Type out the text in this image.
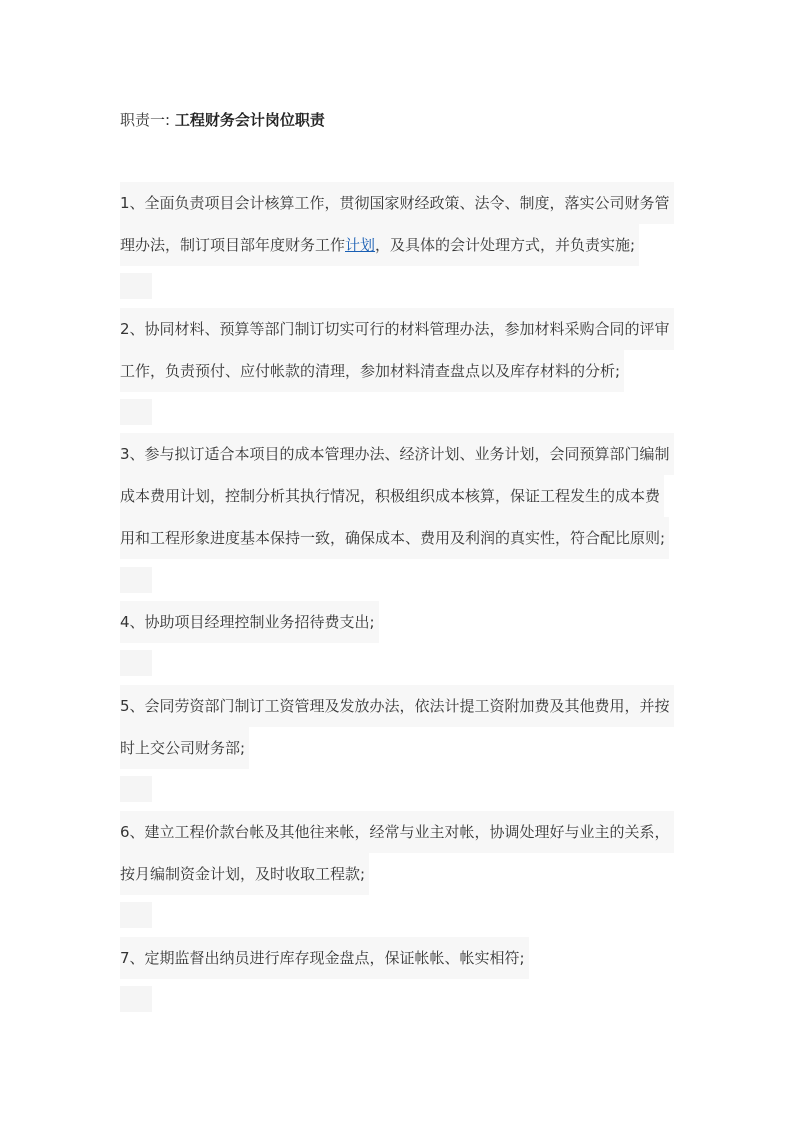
职责一: 工程财务会计岗位职责
1、全面负责项目会计核算工作，贯彻国家财经政策、法令、制度，落实公司财务管
理办法，制订项目部年度财务工作计划，及具体的会计处理方式，并负责实施;
2、协同材料、预算等部门制订切实可行的材料管理办法，参加材料采购合同的评审
工作，负责预付、应付帐款的清理，参加材料清查盘点以及库存材料的分析;
3、参与拟订适合本项目的成本管理办法、经济计划、业务计划，会同预算部门编制
成本费用计划，控制分析其执行情况，积极组织成本核算，保证工程发生的成本费
用和工程形象进度基本保持一致，确保成本、费用及利润的真实性，符合配比原则;
4、协助项目经理控制业务招待费支出;
5、会同劳资部门制订工资管理及发放办法，依法计提工资附加费及其他费用，并按
时上交公司财务部;
6、建立工程价款台帐及其他往来帐，经常与业主对帐，协调处理好与业主的关系，
按月编制资金计划，及时收取工程款;
7、定期监督出纳员进行库存现金盘点，保证帐帐、帐实相符;
